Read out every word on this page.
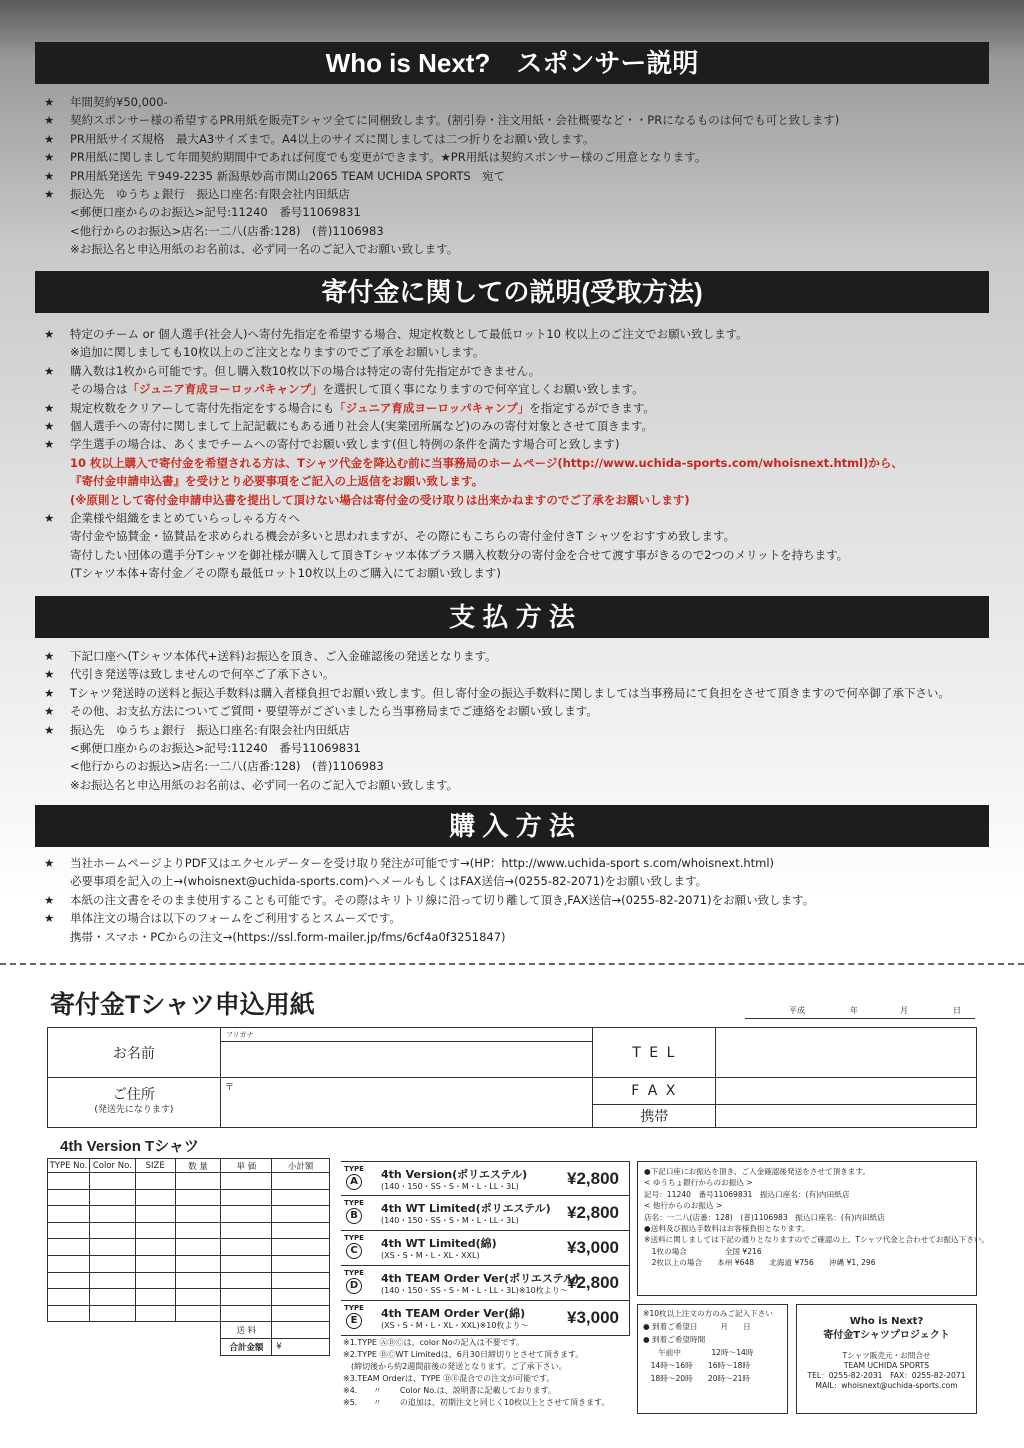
Who is Next?　スポンサー説明
★	年間契約¥50,000-
★	契約スポンサー様の希望するPR用紙を販売Tシャツ全てに同梱致します。(割引券・注文用紙・会社概要など・・PRになるものは何でも可と致します)
★	PR用紙サイズ規格　最大A3サイズまで。A4以上のサイズに関しましては二つ折りをお願い致します。
★	PR用紙に関しまして年間契約期間中であれば何度でも変更ができます。★PR用紙は契約スポンサー様のご用意となります。
★	PR用紙発送先 〒949-2235 新潟県妙高市関山2065 TEAM UCHIDA SPORTS　宛て
★	振込先　ゆうちょ銀行　振込口座名:有限会社内田紙店
<郵便口座からのお振込>記号:11240　番号11069831
<他行からのお振込>店名:一二八(店番:128)　(普)1106983
※お振込名と申込用紙のお名前は、必ず同一名のご記入でお願い致します。
寄付金に関しての説明(受取方法)
★	特定のチーム or 個人選手(社会人)へ寄付先指定を希望する場合、規定枚数として最低ロット10 枚以上のご注文でお願い致します。
※追加に関しましても10枚以上のご注文となりますのでご了承をお願いします。
★	購入数は1枚から可能です。但し購入数10枚以下の場合は特定の寄付先指定ができません。
その場合は「ジュニア育成ヨーロッパキャンプ」を選択して頂く事になりますので何卒宜しくお願い致します。
★	規定枚数をクリアーして寄付先指定をする場合にも「ジュニア育成ヨーロッパキャンプ」を指定するができます。
★	個人選手への寄付に関しまして上記記載にもある通り社会人(実業団所属など)のみの寄付対象とさせて頂きます。
★	学生選手の場合は、あくまでチームへの寄付でお願い致します(但し特例の条件を満たす場合可と致します)
10 枚以上購入で寄付金を希望される方は、Tシャツ代金を降込む前に当事務局のホームページ(http://www.uchida-sports.com/whoisnext.html)から、
『寄付金申請申込書』を受けとり必要事項をご記入の上返信をお願い致します。
(※原則として寄付金申請申込書を提出して頂けない場合は寄付金の受け取りは出来かねますのでご了承をお願いします)
★	企業様や組織をまとめていらっしゃる方々へ
寄付金や協賛金・協賛品を求められる機会が多いと思われますが、その際にもこちらの寄付金付きT シャツをおすすめ致します。
寄付したい団体の選手分Tシャツを御社様が購入して頂きTシャツ本体プラス購入枚数分の寄付金を合せて渡す事がきるので2つのメリットを持ちます。
(Tシャツ本体+寄付金／その際も最低ロット10枚以上のご購入にてお願い致します)
支 払 方 法
★	下記口座へ(Tシャツ本体代+送料)お振込を頂き、ご入金確認後の発送となります。
★	代引き発送等は致しませんので何卒ご了承下さい。
★	Tシャツ発送時の送料と振込手数料は購入者様負担でお願い致します。但し寄付金の振込手数料に関しましては当事務局にて負担をさせて頂きますので何卒御了承下さい。
★	その他、お支払方法についてご質問・要望等がございましたら当事務局までご連絡をお願い致します。
★	振込先　ゆうちょ銀行　振込口座名:有限会社内田紙店
<郵便口座からのお振込>記号:11240　番号11069831
<他行からのお振込>店名:一二八(店番:128)　(普)1106983
※お振込名と申込用紙のお名前は、必ず同一名のご記入でお願い致します。
購 入 方 法
★	当社ホームページよりPDF又はエクセルデーターを受け取り発注が可能です→(HP：http://www.uchida-sport s.com/whoisnext.html)
必要事項を記入の上→(whoisnext@uchida-sports.com)へメールもしくはFAX送信→(0255-82-2071)をお願い致します。
★	本紙の注文書をそのまま使用することも可能です。その際はキリトリ線に沿って切り離して頂き,FAX送信→(0255-82-2071)をお願い致します。
★	単体注文の場合は以下のフォームをご利用するとスムーズです。
携帯・スマホ・PCからの注文→(https://ssl.form-mailer.jp/fms/6cf4a0f3251847)
寄付金Tシャツ申込用紙	平成	年	月	日
お名前	フリガナ	T E L	

ご住所
(発送先になります)	〒	F A X	
		携帯	
4th Version Tシャツ
TYPE No.	Color No.	SIZE	数 量	単 価	小計額

				送 料	
				合計金額	¥
TYPE
A
4th Version(ポリエステル)
(140・150・SS・S・M・L・LL・3L)	¥2,800
TYPE
B
4th WT Limited(ポリエステル)
(140・150・SS・S・M・L・LL・3L)	¥2,800
TYPE
C
4th WT Limited(綿)
(XS・S・M・L・XL・XXL)	¥3,000
TYPE
D
4th TEAM Order Ver(ポリエステル)
(140・150・SS・S・M・L・LL・3L)※10枚より～ ¥2,800
TYPE
E
4th TEAM Order Ver(綿)
(XS・S・M・L・XL・XXL)※10枚より～ ¥3,000
※1.TYPE ⒶⒷⒸは、color Noの記入は不要です。
※2.TYPE ⒷⒸWT Limitedは、6月30日締切りとさせて頂きます。
　(締切後から約2週間前後の発送となります。ご了承下さい。
※3.TEAM Orderは、TYPE ⒹⒺ混合での注文が可能です。
※4.　　〃　　 Color No.は、説明書に記載しております。
※5.　　〃　　 の追加は、初期注文と同じく10枚以上とさせて頂きます。
●下記口座にお振込を頂き、ご入金確認後発送をさせて頂きます。
< ゆうちょ銀行からのお振込 >
記号：11240　番号11069831　振込口座名：(有)内田紙店
< 他行からのお振込 >
店名：一二八(店番：128)　(普)1106983　振込口座名：(有)内田紙店
●送料及び振込手数料はお客様負担となります。
※送料に関しましては下記の通りとなりますのでご確認の上、Tシャツ代金と合わせてお振込下さい。
　1枚の場合　　　　　全国 ¥216
　2枚以上の場合　　本州 ¥648　　北海道 ¥756　　沖縄 ¥1, 296
※10枚以上注文の方のみご記入下さい
● 到着ご希望日　　　月　　日
● 到着ご希望時間
　　午前中　　　　12時～14時
　14時～16時　　16時～18時
　18時～20時　　20時～21時
Who is Next?
寄付金Tシャツプロジェクト
Tシャツ販売元・お問合せ
TEAM UCHIDA SPORTS
TEL：0255-82-2031　FAX：0255-82-2071
MAIL：whoisnext@uchida-sports.com
